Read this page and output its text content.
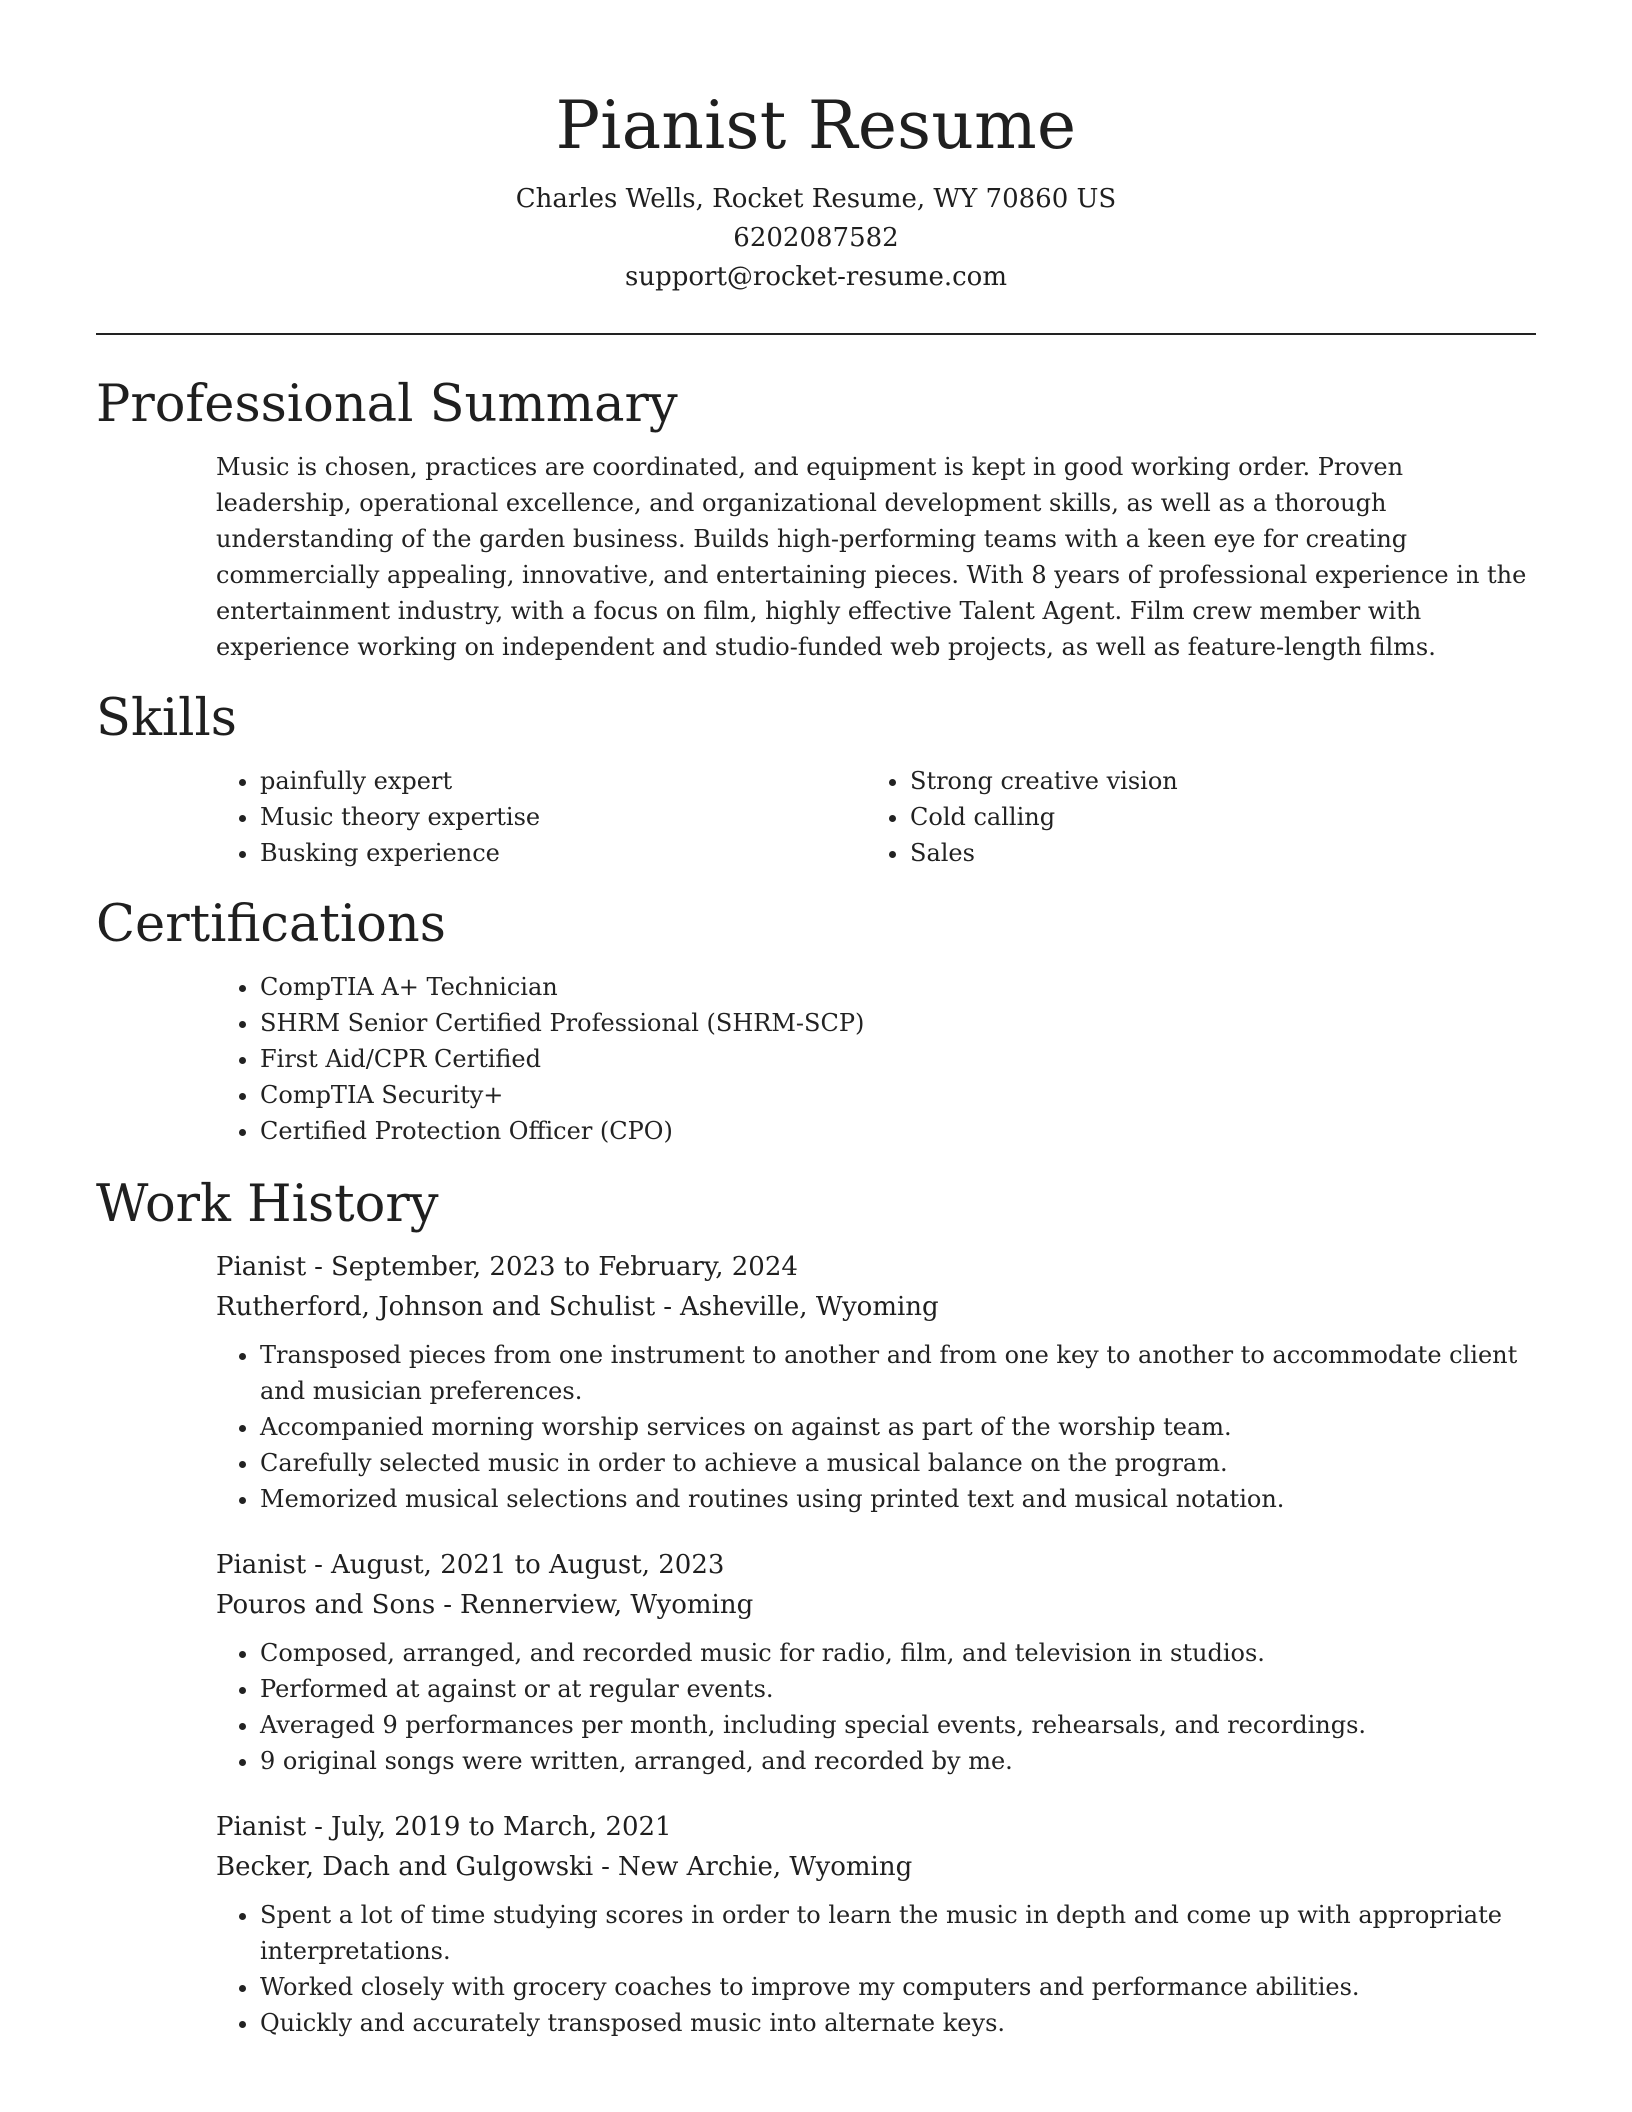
Pianist Resume
Charles Wells, Rocket Resume, WY 70860 US
6202087582
support@rocket-resume.com
Professional Summary
Music is chosen, practices are coordinated, and equipment is kept in good working order. Proven leadership, operational excellence, and organizational development skills, as well as a thorough understanding of the garden business. Builds high-performing teams with a keen eye for creating commercially appealing, innovative, and entertaining pieces. With 8 years of professional experience in the entertainment industry, with a focus on film, highly effective Talent Agent. Film crew member with experience working on independent and studio-funded web projects, as well as feature-length films.
Skills
• painfully expert
• Music theory expertise
• Busking experience
• Strong creative vision
• Cold calling
• Sales
Certifications
• CompTIA A+ Technician
• SHRM Senior Certified Professional (SHRM-SCP)
• First Aid/CPR Certified
• CompTIA Security+
• Certified Protection Officer (CPO)
Work History
Pianist - September, 2023 to February, 2024
Rutherford, Johnson and Schulist - Asheville, Wyoming
• Transposed pieces from one instrument to another and from one key to another to accommodate client and musician preferences.
• Accompanied morning worship services on against as part of the worship team.
• Carefully selected music in order to achieve a musical balance on the program.
• Memorized musical selections and routines using printed text and musical notation.
Pianist - August, 2021 to August, 2023
Pouros and Sons - Rennerview, Wyoming
• Composed, arranged, and recorded music for radio, film, and television in studios.
• Performed at against or at regular events.
• Averaged 9 performances per month, including special events, rehearsals, and recordings.
• 9 original songs were written, arranged, and recorded by me.
Pianist - July, 2019 to March, 2021
Becker, Dach and Gulgowski - New Archie, Wyoming
• Spent a lot of time studying scores in order to learn the music in depth and come up with appropriate interpretations.
• Worked closely with grocery coaches to improve my computers and performance abilities.
• Quickly and accurately transposed music into alternate keys.
